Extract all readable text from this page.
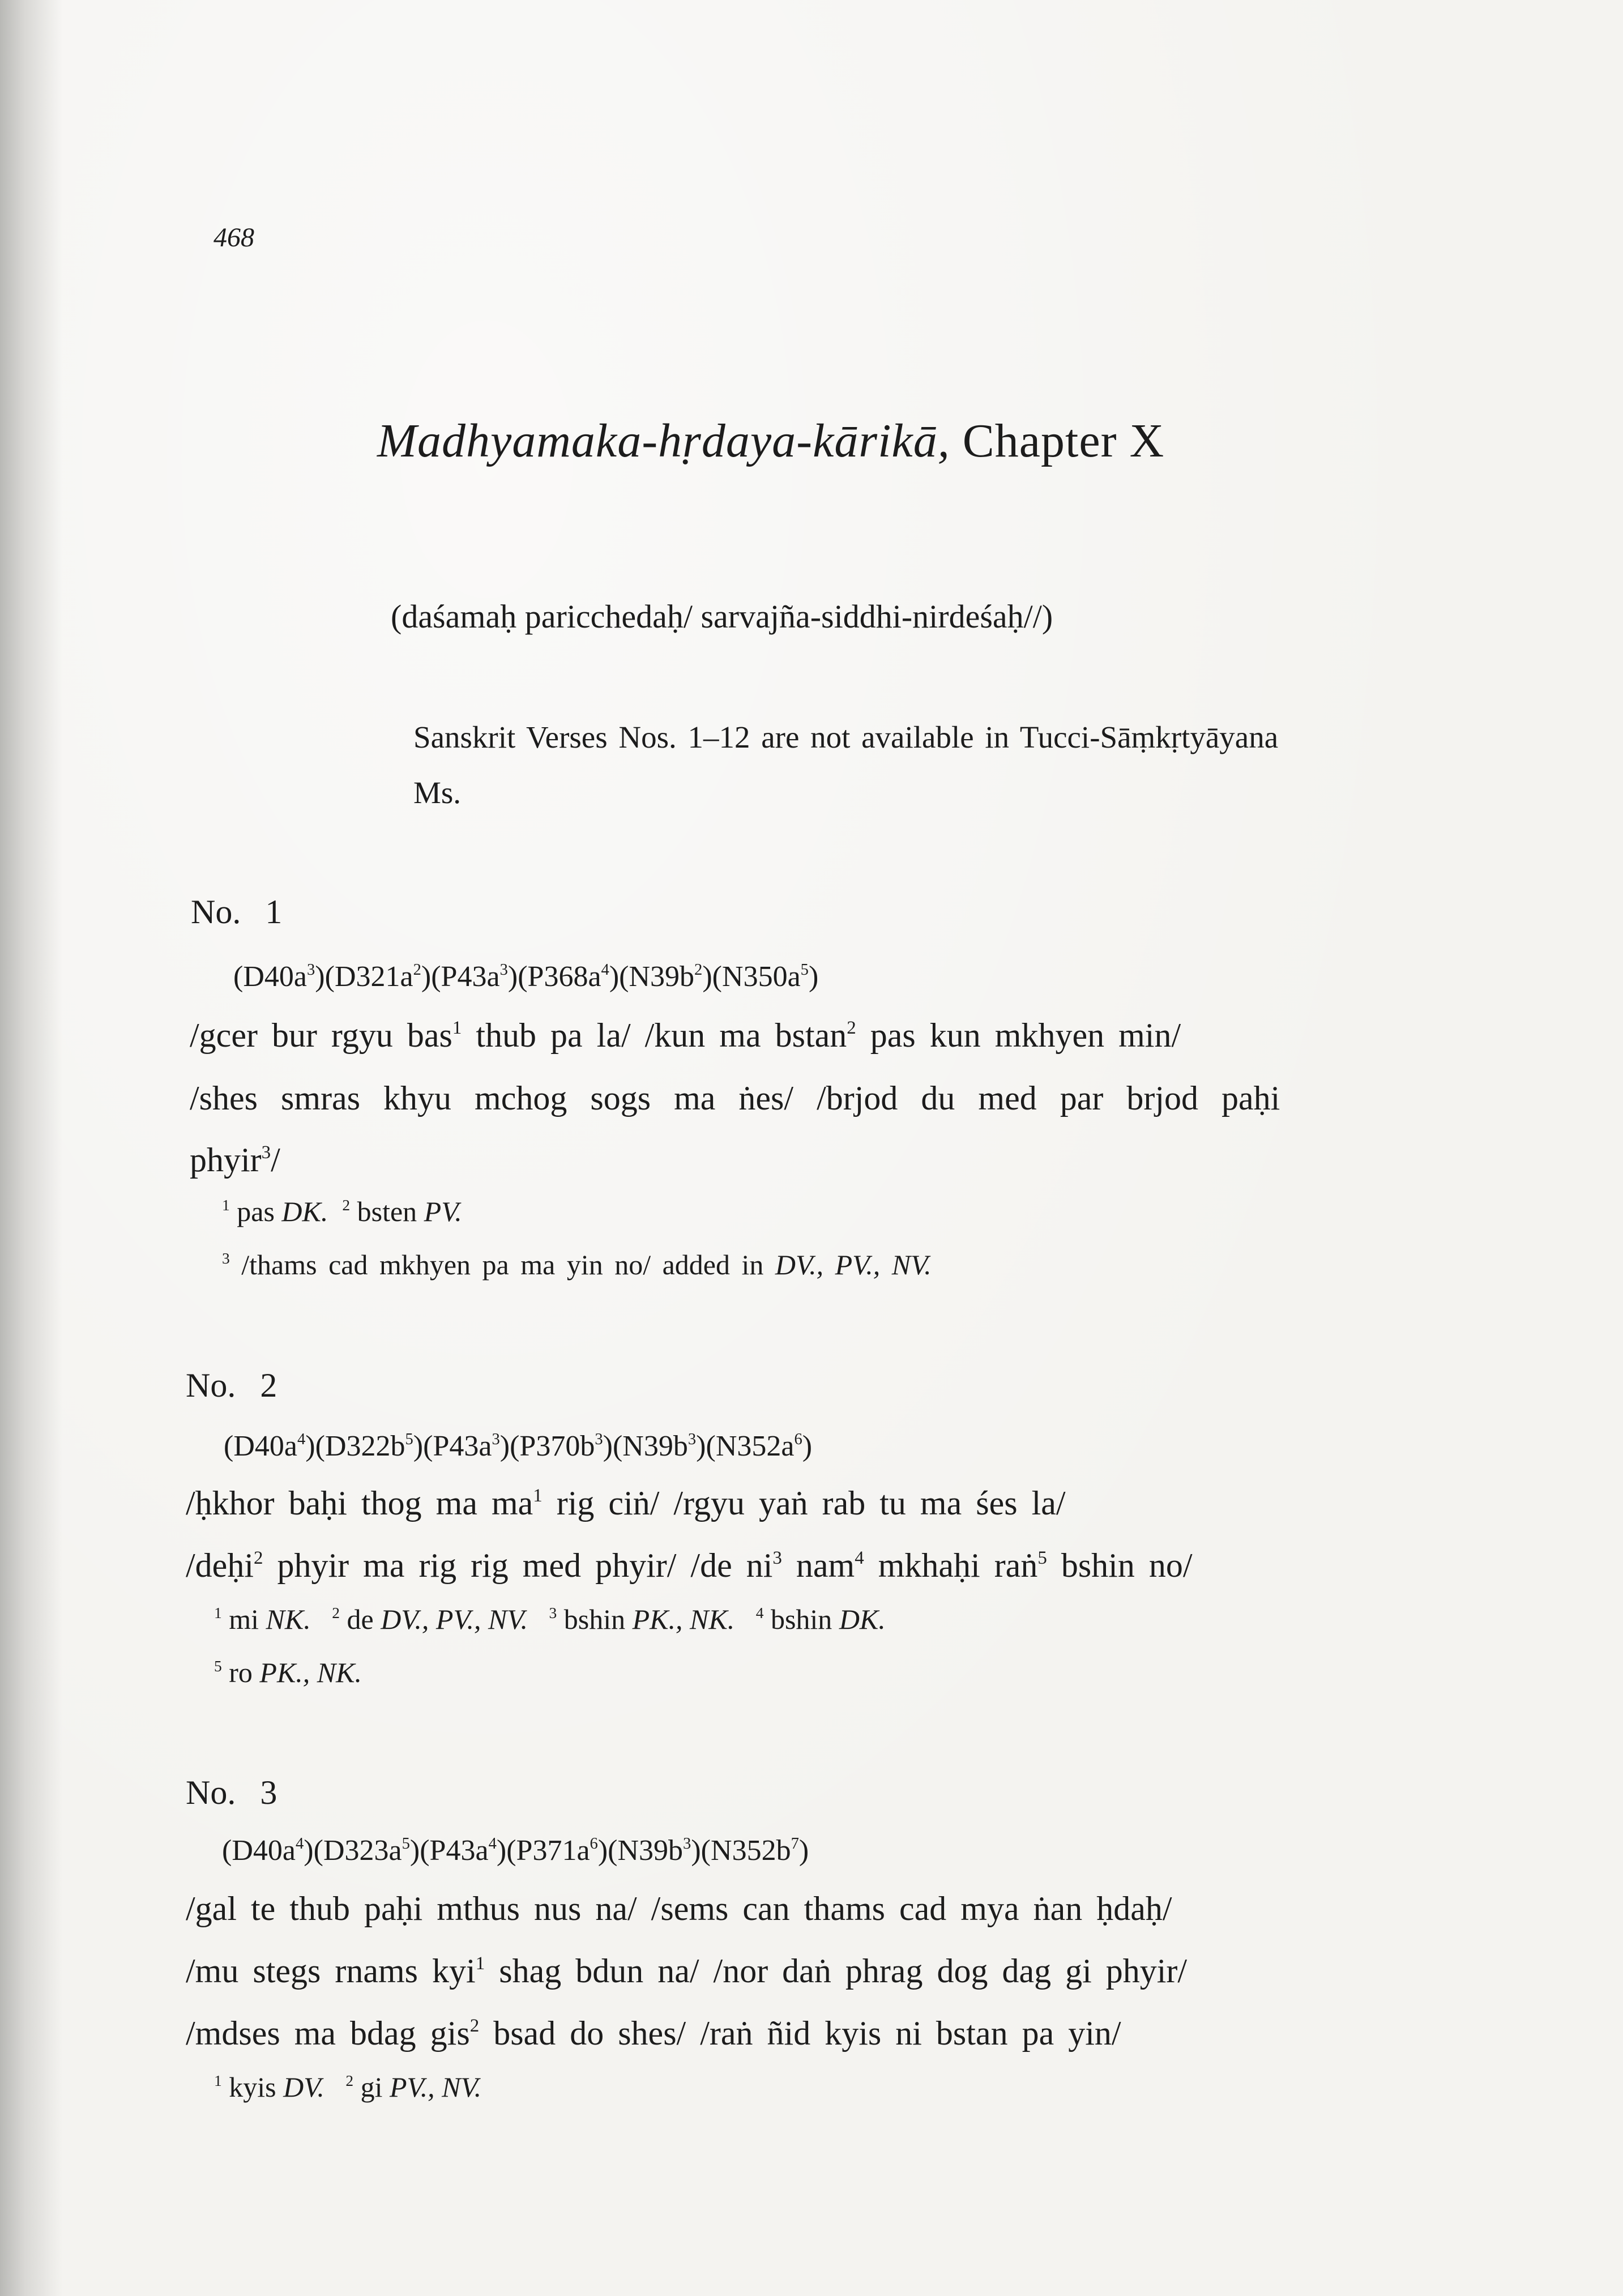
468
Madhyamaka-hṛdaya-kārikā, Chapter X
(daśamaḥ paricchedaḥ/ sarvajña-siddhi-nirdeśaḥ//)
Sanskrit Verses Nos. 1–12 are not available in Tucci-Sāṃkṛtyāyana
Ms.
No. 1
$(D40a^3)(D321a^2)(P43a^3)(P368a^4)(N39b^2)(N350a^5)$
/gcer bur rgyu bas$^1$ thub pa la/ /kun ma bstan$^2$ pas kun mkhyen min/
/shes smras khyu mchog sogs ma ṅes/ /brjod du med par brjod paḥi
phyir$^3$/
$^1$ pas DK. $^2$ bsten PV.
$^3$ /thams cad mkhyen pa ma yin no/ added in DV., PV., NV.
No. 2
$(D40a^4)(D322b^5)(P43a^3)(P370b^3)(N39b^3)(N352a^6)$
/ḥkhor baḥi thog ma $ma^1$ rig ciṅ/ /rgyu yaṅ rab tu ma śes la/
/deḥi$^2$ phyir ma rig rig med phyir/ /de $ni^3$ nam$^4$ mkhaḥi raṅ$^5$ bshin no/
$^1$ mi NK. $^2$ de DV., PV., NV. $^3$ bshin PK., NK. $^4$ bshin DK.
$^5$ ro PK., NK.
No. 3
$(D40a^4)(D323a^5)(P43a^4)(P371a^6)(N39b^3)(N352b^7)$
/gal te thub paḥi mthus nus na/ /sems can thams cad mya ṅan ḥdaḥ/
/mu stegs rnams kyi$^1$ shag bdun na/ /nor daṅ phrag dog dag gi phyir/
/mdses ma bdag gis$^2$ bsad do shes/ /raṅ ñid kyis ni bstan pa yin/
$^1$ kyis DV. $^2$ gi PV., NV.
